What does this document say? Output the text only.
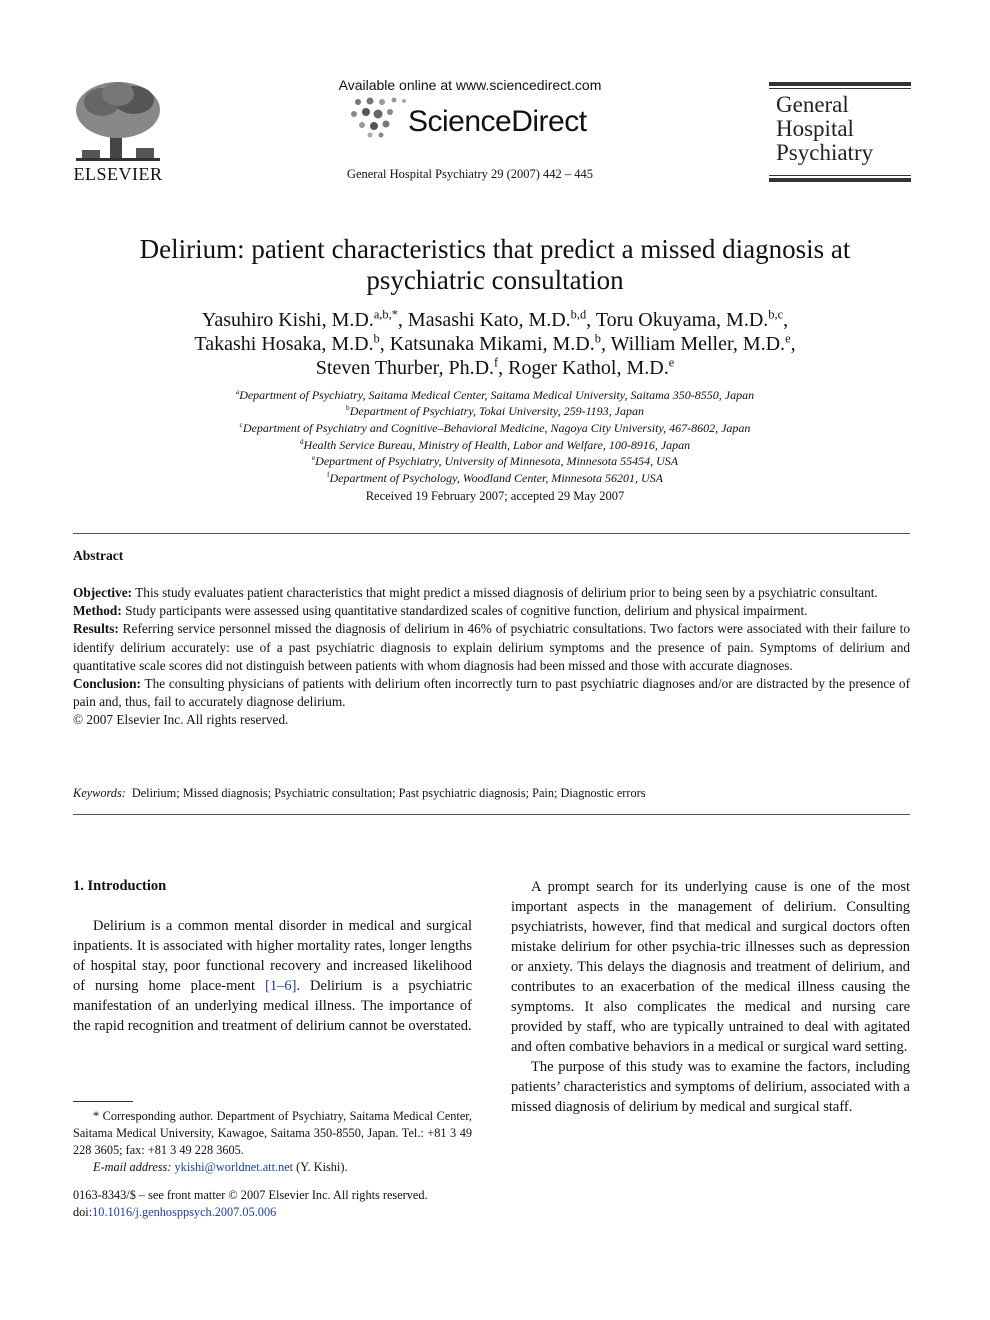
ELSEVIER
Available online at www.sciencedirect.com
ScienceDirect
General Hospital Psychiatry 29 (2007) 442 – 445
General
Hospital
Psychiatry
Delirium: patient characteristics that predict a missed diagnosis at
psychiatric consultation
Yasuhiro Kishi, M.D.$^{a,b,*}$, Masashi Kato, M.D.$^{b,d}$, Toru Okuyama, M.D.$^{b,c}$,
Takashi Hosaka, M.D.$^b$, Katsunaka Mikami, M.D.$^b$, William Meller, M.D.$^e$,
Steven Thurber, Ph.D.$^f$, Roger Kathol, M.D.$^e$
$^a$Department of Psychiatry, Saitama Medical Center, Saitama Medical University, Saitama 350-8550, Japan
$^b$Department of Psychiatry, Tokai University, 259-1193, Japan
$^c$Department of Psychiatry and Cognitive–Behavioral Medicine, Nagoya City University, 467-8602, Japan
$^d$Health Service Bureau, Ministry of Health, Labor and Welfare, 100-8916, Japan
$^e$Department of Psychiatry, University of Minnesota, Minnesota 55454, USA
$^f$Department of Psychology, Woodland Center, Minnesota 56201, USA
Received 19 February 2007; accepted 29 May 2007
Abstract

Objective: This study evaluates patient characteristics that might predict a missed diagnosis of delirium prior to being seen by a psychiatric consultant.

Method: Study participants were assessed using quantitative standardized scales of cognitive function, delirium and physical impairment.

Results: Referring service personnel missed the diagnosis of delirium in 46% of psychiatric consultations. Two factors were associated with their failure to identify delirium accurately: use of a past psychiatric diagnosis to explain delirium symptoms and the presence of pain. Symptoms of delirium and quantitative scale scores did not distinguish between patients with whom diagnosis had been missed and those with accurate diagnoses.

Conclusion: The consulting physicians of patients with delirium often incorrectly turn to past psychiatric diagnoses and/or are distracted by the presence of pain and, thus, fail to accurately diagnose delirium.

© 2007 Elsevier Inc. All rights reserved.

Keywords: Delirium; Missed diagnosis; Psychiatric consultation; Past psychiatric diagnosis; Pain; Diagnostic errors
1. Introduction

Delirium is a common mental disorder in medical and surgical inpatients. It is associated with higher mortality rates, longer lengths of hospital stay, poor functional recovery and increased likelihood of nursing home place-ment [1–6]. Delirium is a psychiatric manifestation of an underlying medical illness. The importance of the rapid recognition and treatment of delirium cannot be overstated.

A prompt search for its underlying cause is one of the most important aspects in the management of delirium. Consulting psychiatrists, however, find that medical and surgical doctors often mistake delirium for other psychia-tric illnesses such as depression or anxiety. This delays the diagnosis and treatment of delirium, and contributes to an exacerbation of the medical illness causing the symptoms. It also complicates the medical and nursing care provided by staff, who are typically untrained to deal with agitated and often combative behaviors in a medical or surgical ward setting.

The purpose of this study was to examine the factors, including patients’ characteristics and symptoms of delirium, associated with a missed diagnosis of delirium by medical and surgical staff.

* Corresponding author. Department of Psychiatry, Saitama Medical Center, Saitama Medical University, Kawagoe, Saitama 350-8550, Japan. Tel.: +81 3 49 228 3605; fax: +81 3 49 228 3605.

E-mail address: ykishi@worldnet.att.net (Y. Kishi).

0163-8343/$ – see front matter © 2007 Elsevier Inc. All rights reserved.

doi:10.1016/j.genhosppsych.2007.05.006
